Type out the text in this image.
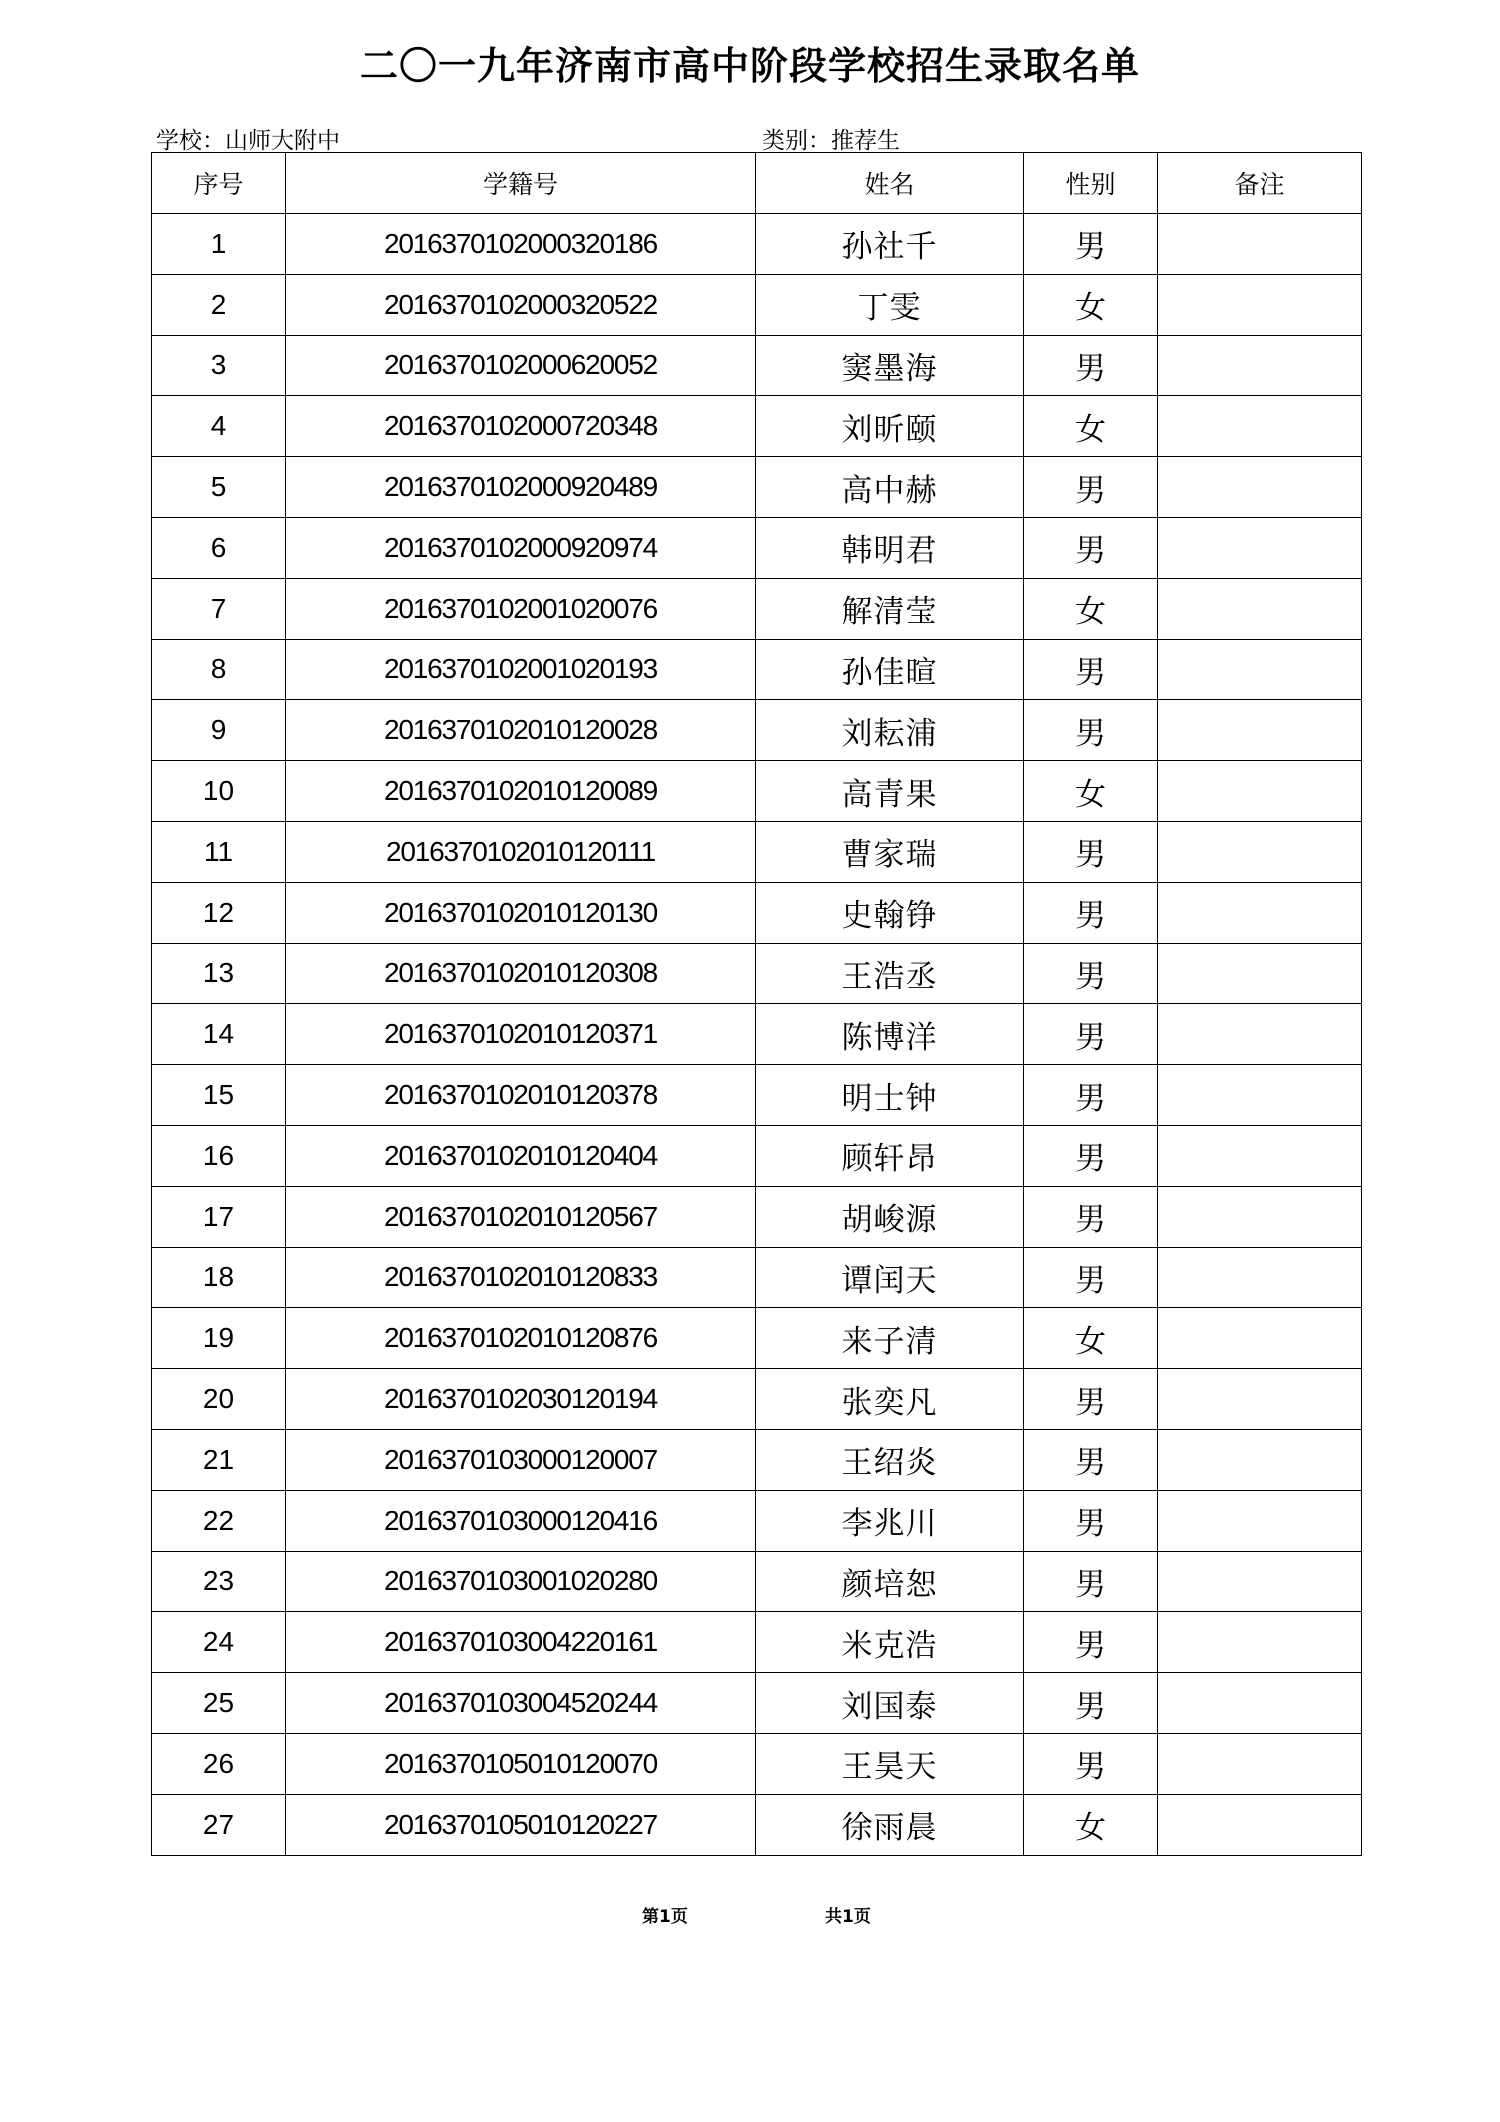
二〇一九年济南市高中阶段学校招生录取名单
学校：山师大附中	类别：推荐生
序号	学籍号	姓名	性别	备注
1	2016370102000320186	孙社千	男	
2	2016370102000320522	丁雯	女	
3	2016370102000620052	窦墨海	男	
4	2016370102000720348	刘昕颐	女	
5	2016370102000920489	高中赫	男	
6	2016370102000920974	韩明君	男	
7	2016370102001020076	解清莹	女	
8	2016370102001020193	孙佳暄	男	
9	2016370102010120028	刘耘浦	男	
10	2016370102010120089	高青果	女	
11	2016370102010120111	曹家瑞	男	
12	2016370102010120130	史翰铮	男	
13	2016370102010120308	王浩丞	男	
14	2016370102010120371	陈博洋	男	
15	2016370102010120378	明士钟	男	
16	2016370102010120404	顾轩昂	男	
17	2016370102010120567	胡峻源	男	
18	2016370102010120833	谭闰天	男	
19	2016370102010120876	来子清	女	
20	2016370102030120194	张奕凡	男	
21	2016370103000120007	王绍炎	男	
22	2016370103000120416	李兆川	男	
23	2016370103001020280	颜培恕	男	
24	2016370103004220161	米克浩	男	
25	2016370103004520244	刘国泰	男	
26	2016370105010120070	王昊天	男	
27	2016370105010120227	徐雨晨	女	
第1页	共1页
